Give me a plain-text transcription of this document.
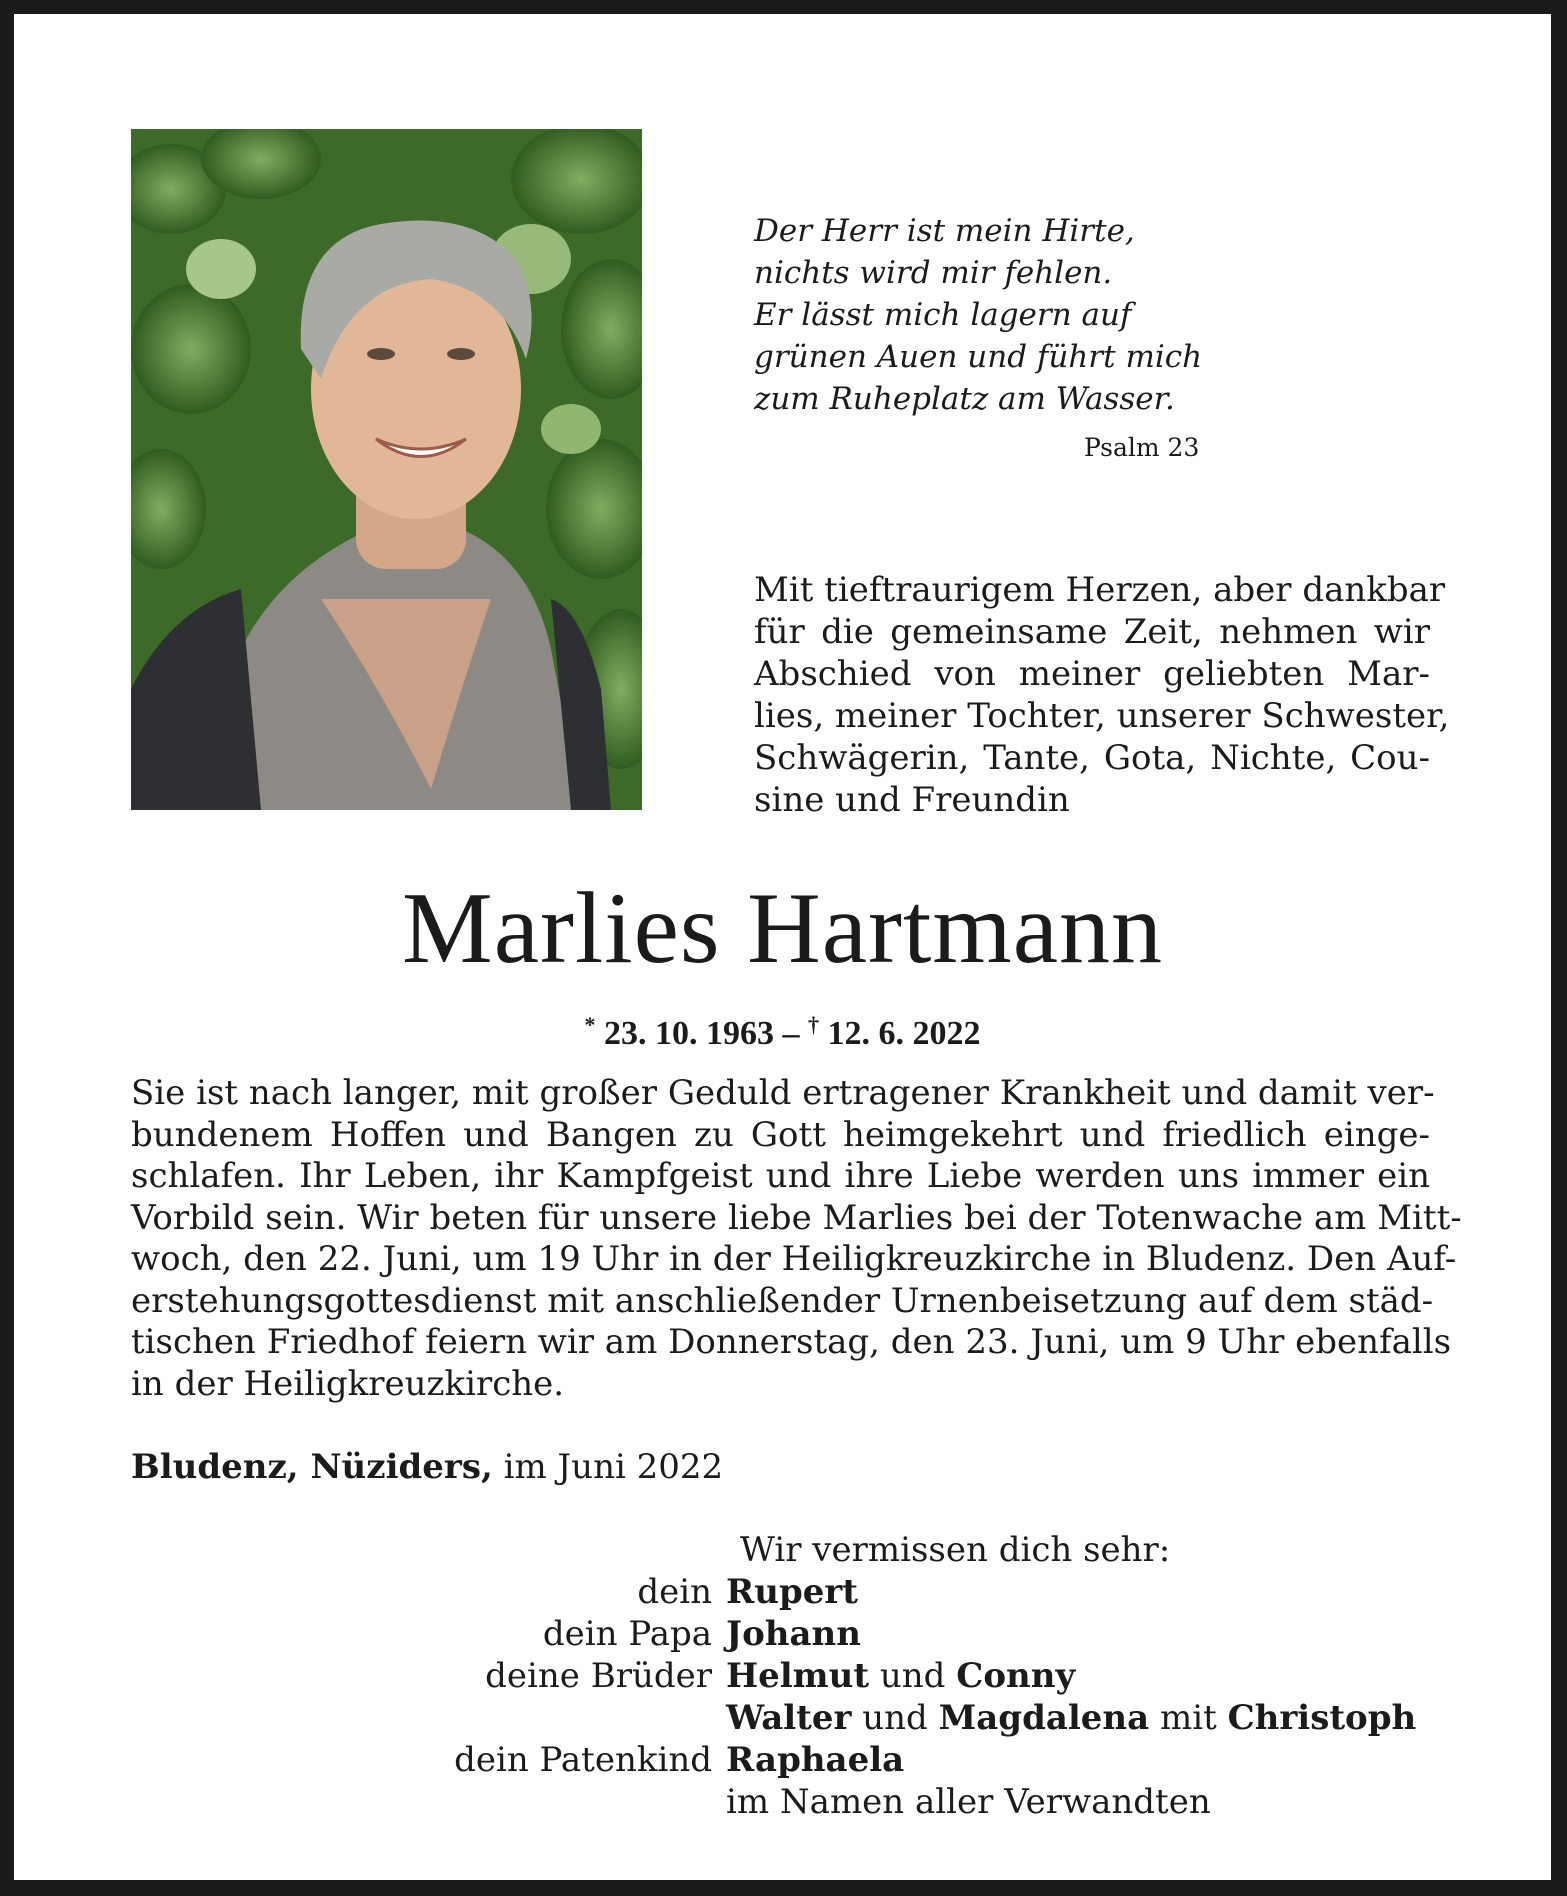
Der Herr ist mein Hirte,
nichts wird mir fehlen.
Er lässt mich lagern auf
grünen Auen und führt mich
zum Ruheplatz am Wasser.
Psalm 23
Mit tieftraurigem Herzen, aber dankbar
für die gemeinsame Zeit, nehmen wir
Abschied von meiner geliebten Mar-
lies, meiner Tochter, unserer Schwester,
Schwägerin, Tante, Gota, Nichte, Cou-
sine und Freundin
Marlies Hartmann
* 23. 10. 1963 – † 12. 6. 2022
Sie ist nach langer, mit großer Geduld ertragener Krankheit und damit ver-
bundenem Hoffen und Bangen zu Gott heimgekehrt und friedlich einge-
schlafen. Ihr Leben, ihr Kampfgeist und ihre Liebe werden uns immer ein
Vorbild sein. Wir beten für unsere liebe Marlies bei der Totenwache am Mitt-
woch, den 22. Juni, um 19 Uhr in der Heiligkreuzkirche in Bludenz. Den Auf-
erstehungsgottesdienst mit anschließender Urnenbeisetzung auf dem städ-
tischen Friedhof feiern wir am Donnerstag, den 23. Juni, um 9 Uhr ebenfalls
in der Heiligkreuzkirche.
Bludenz, Nüziders, im Juni 2022
Wir vermissen dich sehr:
dein Rupert
dein Papa Johann
deine Brüder Helmut und Conny
Walter und Magdalena mit Christoph
dein Patenkind Raphaela
im Namen aller Verwandten
